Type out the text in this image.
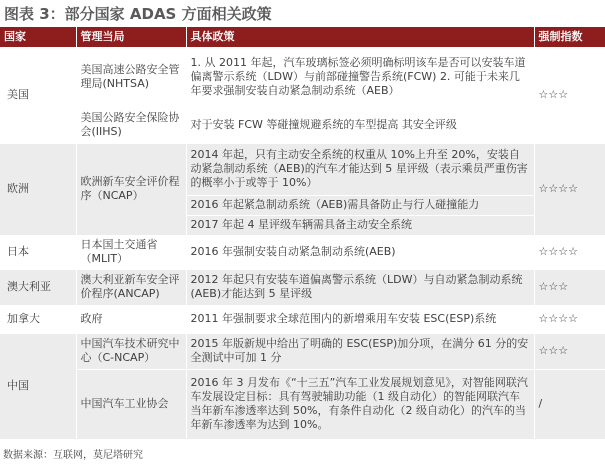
图表 3：部分国家 ADAS 方面相关政策
国家	管理当局	具体政策	强制指数
美国	美国高速公路安全管理局(NHTSA)	1. 从 2011 年起，汽车玻璃标签必须明确标明该车是否可以安装车道偏离警示系统（LDW）与前部碰撞警告系统(FCW) 2. 可能于未来几年要求强制安装自动紧急制动系统（AEB）	☆☆☆
	美国公路安全保险协会(IIHS)	对于安装 FCW 等碰撞规避系统的车型提高 其安全评级	
欧洲	欧洲新车安全评价程序（NCAP）	2014 年起，只有主动安全系统的权重从 10%上升至 20%，安装自动紧急制动系统（AEB)的汽车才能达到 5 星评级（表示乘员严重伤害的概率小于或等于 10%）	☆☆☆☆
		2016 年起紧急制动系统（AEB)需具备防止与行人碰撞能力	
		2017 年起 4 星评级车辆需具备主动安全系统	
日本	日本国土交通省（MLIT）	2016 年强制安装自动紧急制动系统(AEB)	☆☆☆☆
澳大利亚	澳大利亚新车安全评价程序(ANCAP)	2012 年起只有安装车道偏离警示系统（LDW）与自动紧急制动系统(AEB)才能达到 5 星评级	☆☆☆
加拿大	政府	2011 年强制要求全球范围内的新增乘用车安装 ESC(ESP)系统	☆☆☆☆
中国	中国汽车技术研究中心（C-NCAP）	2015 年版新规中给出了明确的 ESC(ESP)加分项，在满分 61 分的安全测试中可加 1 分	☆☆☆
	中国汽车工业协会	2016 年 3 月发布《“十三五”汽车工业发展规划意见》，对智能网联汽车发展设定目标：具有驾驶辅助功能（1 级自动化）的智能网联汽车当年新车渗透率达到 50%，有条件自动化（2 级自动化）的汽车的当年新车渗透率为达到 10%。	/
数据来源：互联网，莫尼塔研究
